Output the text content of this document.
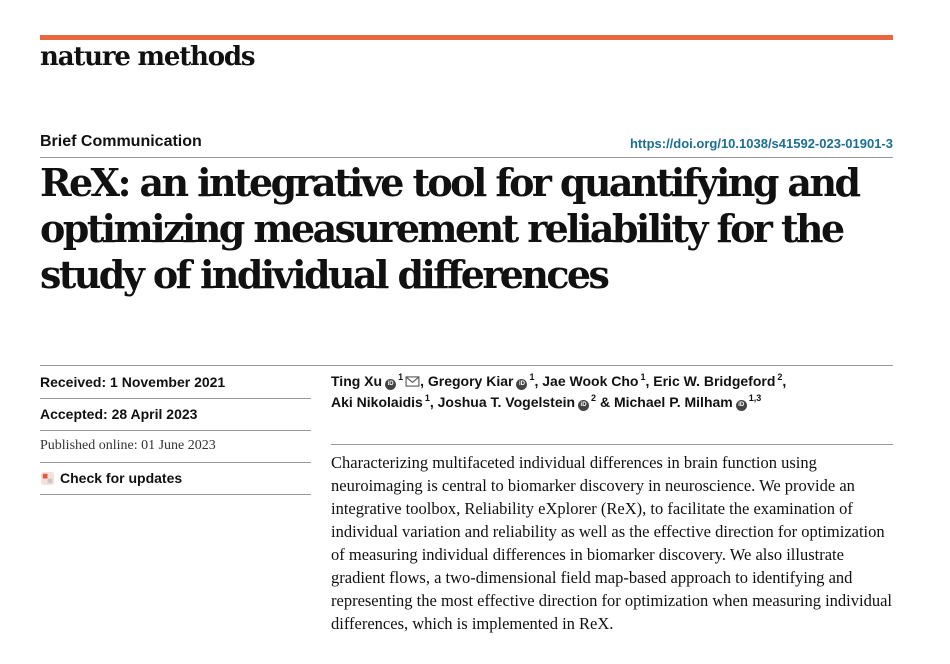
nature methods
Brief Communication	https://doi.org/10.1038/s41592-023-01901-3
ReX: an integrative tool for quantifying and optimizing measurement reliability for the study of individual differences
Received: 1 November 2021
Accepted: 28 April 2023
Published online: 01 June 2023
Check for updates
Ting Xu $iD^1$ , Gregory Kiar $iD^1$, Jae Wook Cho $^1$, Eric W. Bridgeford $^2$,
Aki Nikolaidis $^1$, Joshua T. Vogelstein $iD^2$ & Michael P. Milham iD$^{1,3}$

Characterizing multifaceted individual differences in brain function using neuroimaging is central to biomarker discovery in neuroscience. We provide an integrative toolbox, Reliability eXplorer (ReX), to facilitate the examination of individual variation and reliability as well as the effective direction for optimization of measuring individual differences in biomarker discovery. We also illustrate gradient flows, a two-dimensional field map-based approach to identifying and representing the most effective direction for optimization when measuring individual differences, which is implemented in ReX.
